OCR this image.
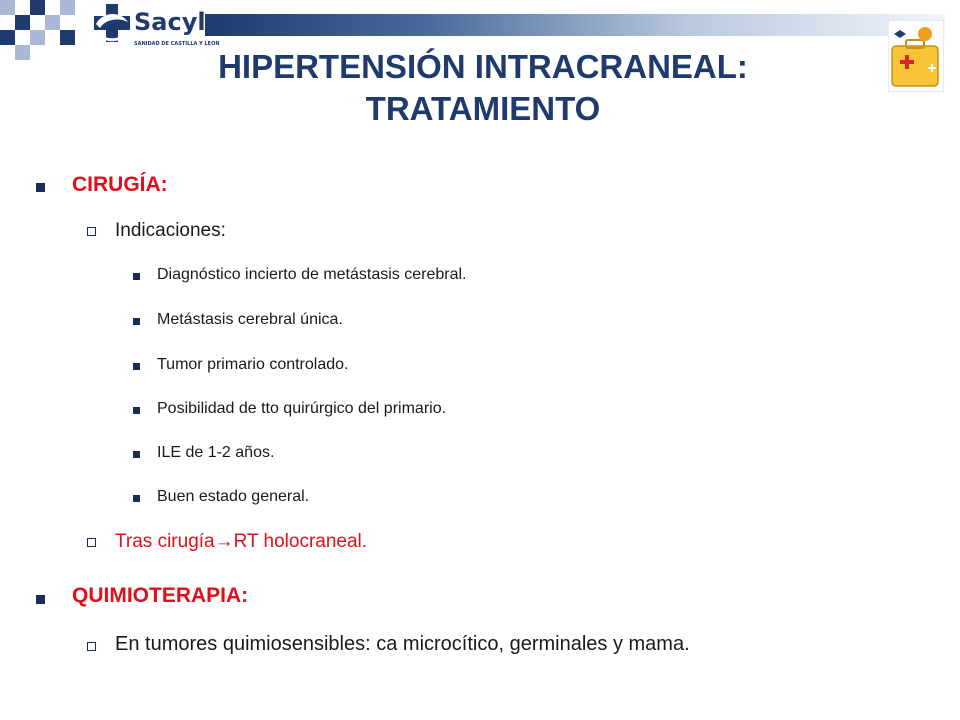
Sacyl
SANIDAD DE CASTILLA Y LEON
HIPERTENSIÓN INTRACRANEAL:
TRATAMIENTO
CIRUGÍA:
Indicaciones:
Diagnóstico incierto de metástasis cerebral.
Metástasis cerebral única.
Tumor primario controlado.
Posibilidad de tto quirúrgico del primario.
ILE de 1-2 años.
Buen estado general.
Tras cirugía→RT holocraneal.
QUIMIOTERAPIA:
En tumores quimiosensibles: ca microcítico, germinales y mama.
